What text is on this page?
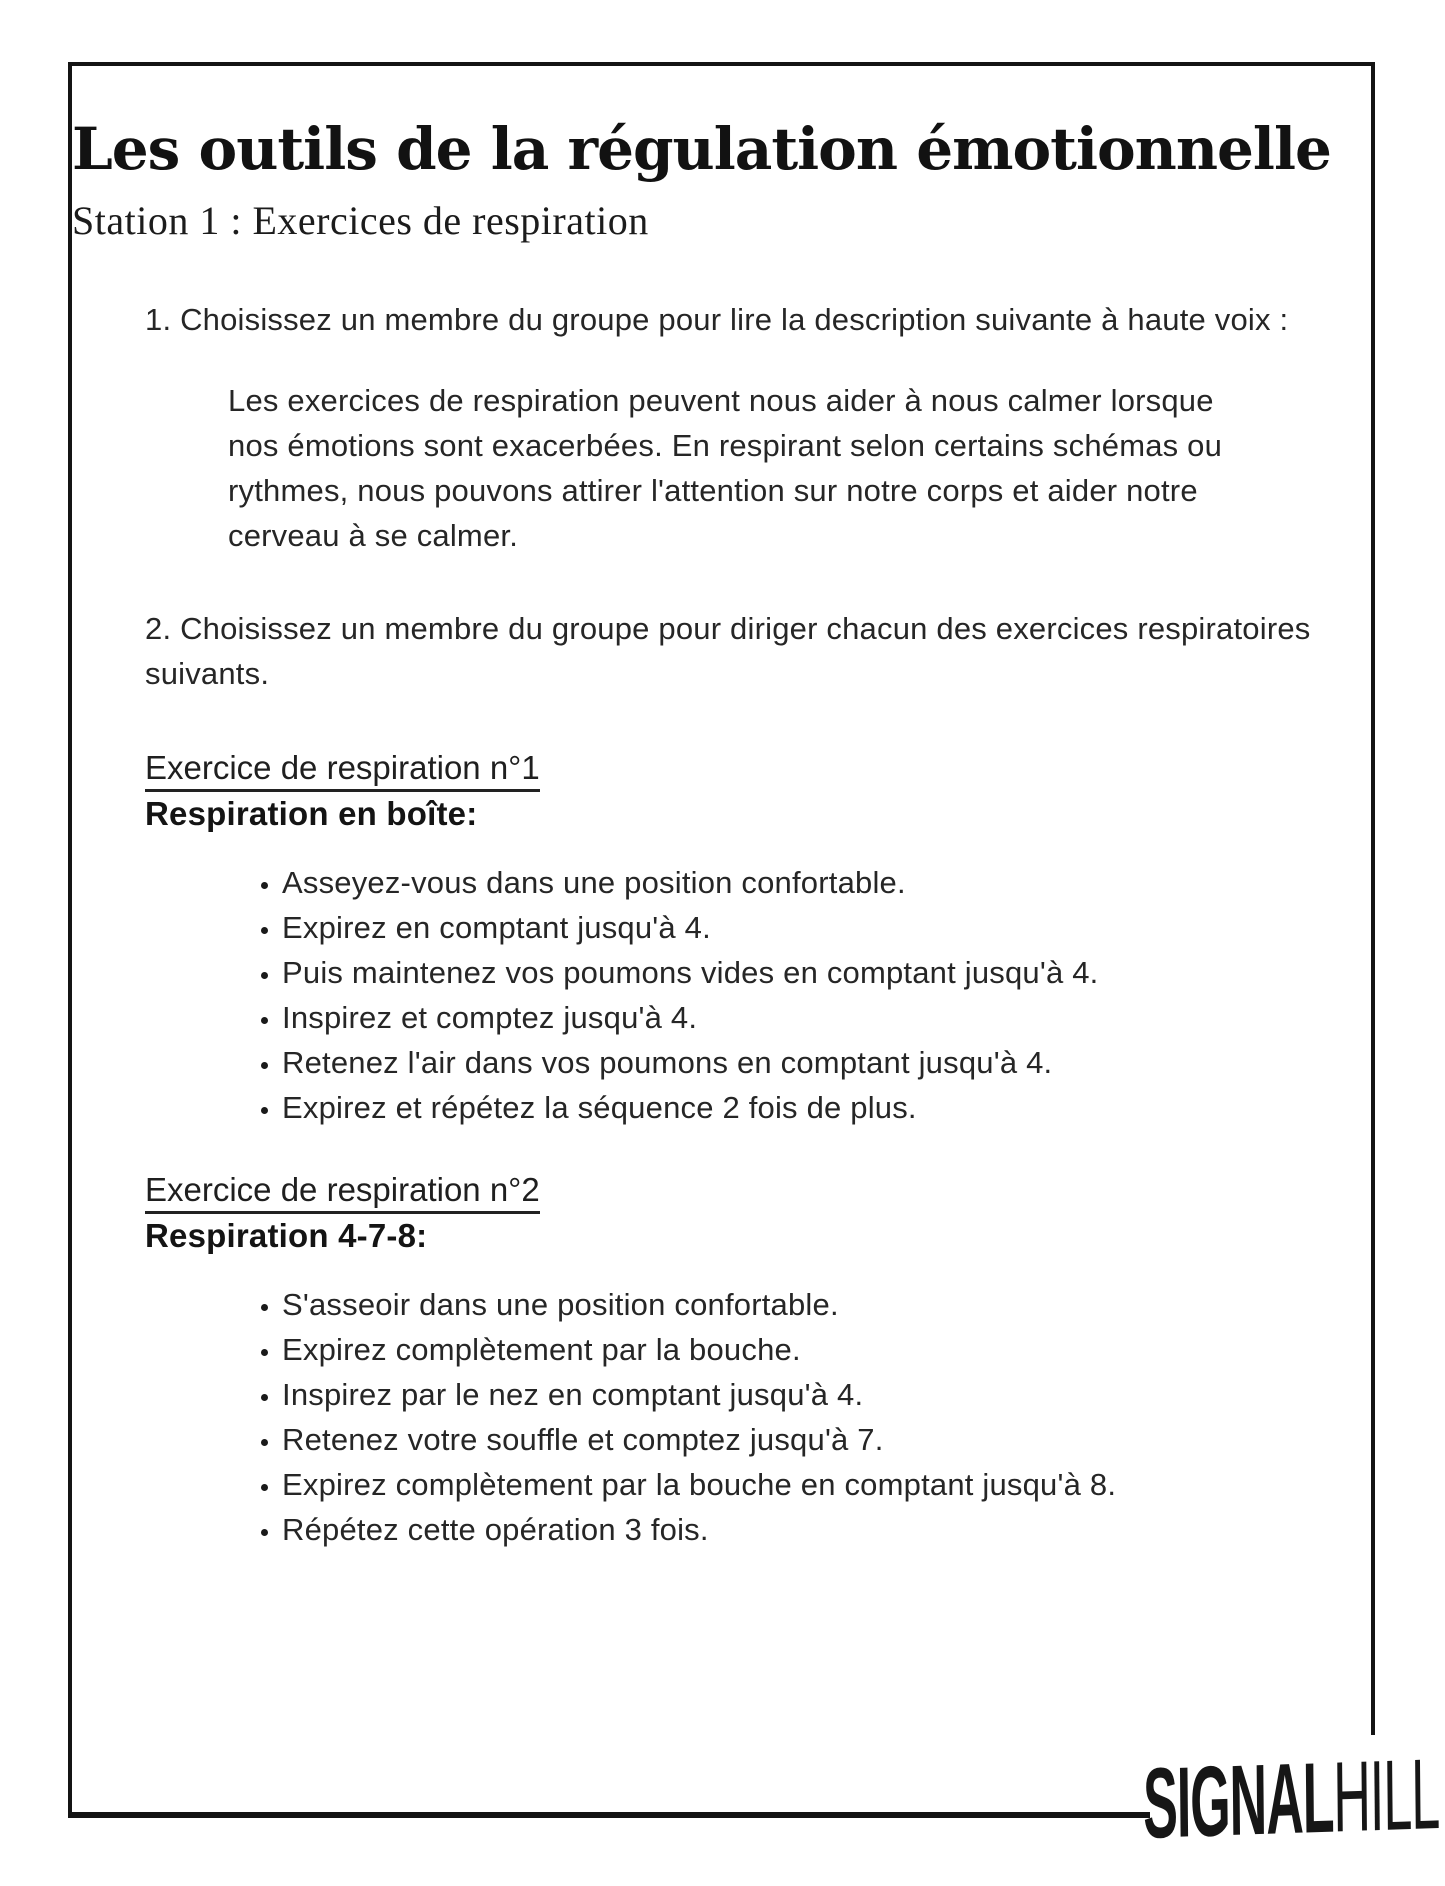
Les outils de la régulation émotionnelle
Station 1 : Exercices de respiration

1. Choisissez un membre du groupe pour lire la description suivante à haute voix :

Les exercices de respiration peuvent nous aider à nous calmer lorsque nos émotions sont exacerbées. En respirant selon certains schémas ou rythmes, nous pouvons attirer l'attention sur notre corps et aider notre cerveau à se calmer.

2. Choisissez un membre du groupe pour diriger chacun des exercices respiratoires suivants.

Exercice de respiration n°1
Respiration en boîte:
• Asseyez-vous dans une position confortable.
• Expirez en comptant jusqu'à 4.
• Puis maintenez vos poumons vides en comptant jusqu'à 4.
• Inspirez et comptez jusqu'à 4.
• Retenez l'air dans vos poumons en comptant jusqu'à 4.
• Expirez et répétez la séquence 2 fois de plus.
Exercice de respiration n°2
Respiration 4-7-8:
• S'asseoir dans une position confortable.
• Expirez complètement par la bouche.
• Inspirez par le nez en comptant jusqu'à 4.
• Retenez votre souffle et comptez jusqu'à 7.
• Expirez complètement par la bouche en comptant jusqu'à 8.
• Répétez cette opération 3 fois.
SIGNALHILL
